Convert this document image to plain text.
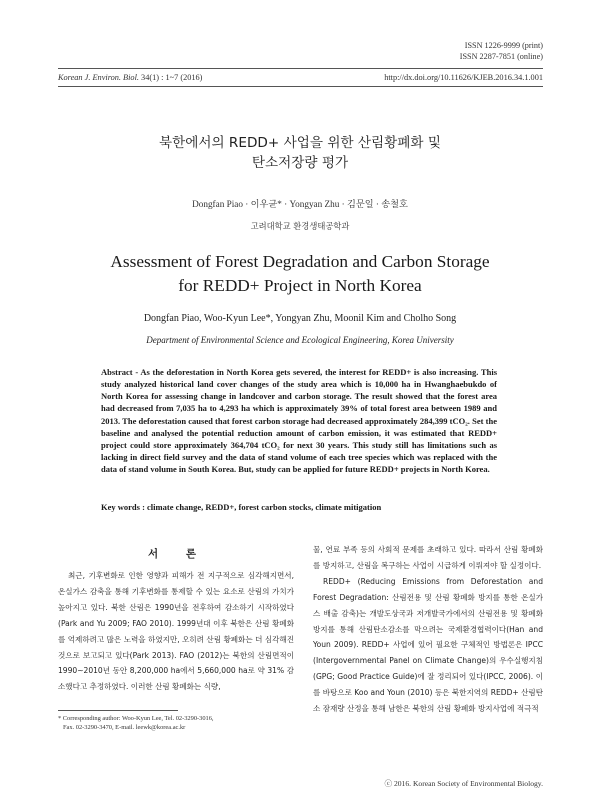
ISSN 1226-9999 (print)
ISSN 2287-7851 (online)
Korean J. Environ. Biol. 34(1) : 1~7 (2016)	http://dx.doi.org/10.11626/KJEB.2016.34.1.001
북한에서의 REDD+ 사업을 위한 산림황폐화 및
탄소저장량 평가
Dongfan Piao · 이우균* · Yongyan Zhu · 김문일 · 송철호
고려대학교 환경생태공학과
Assessment of Forest Degradation and Carbon Storage
for REDD+ Project in North Korea
Dongfan Piao, Woo-Kyun Lee*, Yongyan Zhu, Moonil Kim and Cholho Song
Department of Environmental Science and Ecological Engineering, Korea University
Abstract - As the deforestation in North Korea gets severed, the interest for REDD+ is also increasing. This study analyzed historical land cover changes of the study area which is 10,000 ha in Hwanghaebukdo of North Korea for assessing change in landcover and carbon storage. The result showed that the forest area had decreased from 7,035 ha to 4,293 ha which is approximately 39% of total forest area between 1989 and 2013. The deforestation caused that forest carbon storage had decreased approximately 284,399 tCO₂. Set the baseline and analysed the potential reduction amount of carbon emission, it was estimated that REDD+ project could store approximately 364,704 tCO₂ for next 30 years. This study still has limitations such as lacking in direct field survey and the data of stand volume of each tree species which was replaced with the data of stand volume in South Korea. But, study can be applied for future REDD+ projects in North Korea.
Key words : climate change, REDD+, forest carbon stocks, climate mitigation
서 론

최근, 기후변화로 인한 영향과 피해가 전 지구적으로 심각해지면서, 온실가스 감축을 통해 기후변화를 통제할 수 있는 요소로 산림의 가치가 높아지고 있다. 북한 산림은 1990년을 전후하여 감소하기 시작하였다(Park and Yu 2009; FAO 2010). 1999년대 이후 북한은 산림 황폐화를 억제하려고 많은 노력을 하였지만, 오히려 산림 황폐화는 더 심각해진 것으로 보고되고 있다(Park 2013). FAO (2012)는 북한의 산림면적이 1990~2010년 동안 8,200,000 ha에서 5,660,000 ha로 약 31% 감소했다고 추정하였다. 이러한 산림 황폐화는 식량,

물, 연료 부족 등의 사회적 문제를 초래하고 있다. 따라서 산림 황폐화를 방지하고, 산림을 복구하는 사업이 시급하게 이뤄져야 할 실정이다.

REDD+ (Reducing Emissions from Deforestation and Forest Degradation: 산림전용 및 산림 황폐화 방지를 통한 온실가스 배출 감축)는 개발도상국과 저개발국가에서의 산림전용 및 황폐화 방지를 통해 산림탄소감소를 막으려는 국제환경협력이다(Han and Youn 2009). REDD+ 사업에 있어 필요한 구체적인 방법론은 IPCC (Intergovernmental Panel on Climate Change)의 우수실행지침(GPG; Good Practice Guide)에 잘 정리되어 있다(IPCC, 2006). 이를 바탕으로 Koo and Youn (2010) 등은 북한지역의 REDD+ 산림탄소 잠재량 산정을 통해 남한은 북한의 산림 황폐화 방지사업에 적극적

* Corresponding author: Woo-Kyun Lee, Tel. 02-3290-3016,
Fax. 02-3290-3470, E-mail. leewk@korea.ac.kr
ⓒ 2016. Korean Society of Environmental Biology.
